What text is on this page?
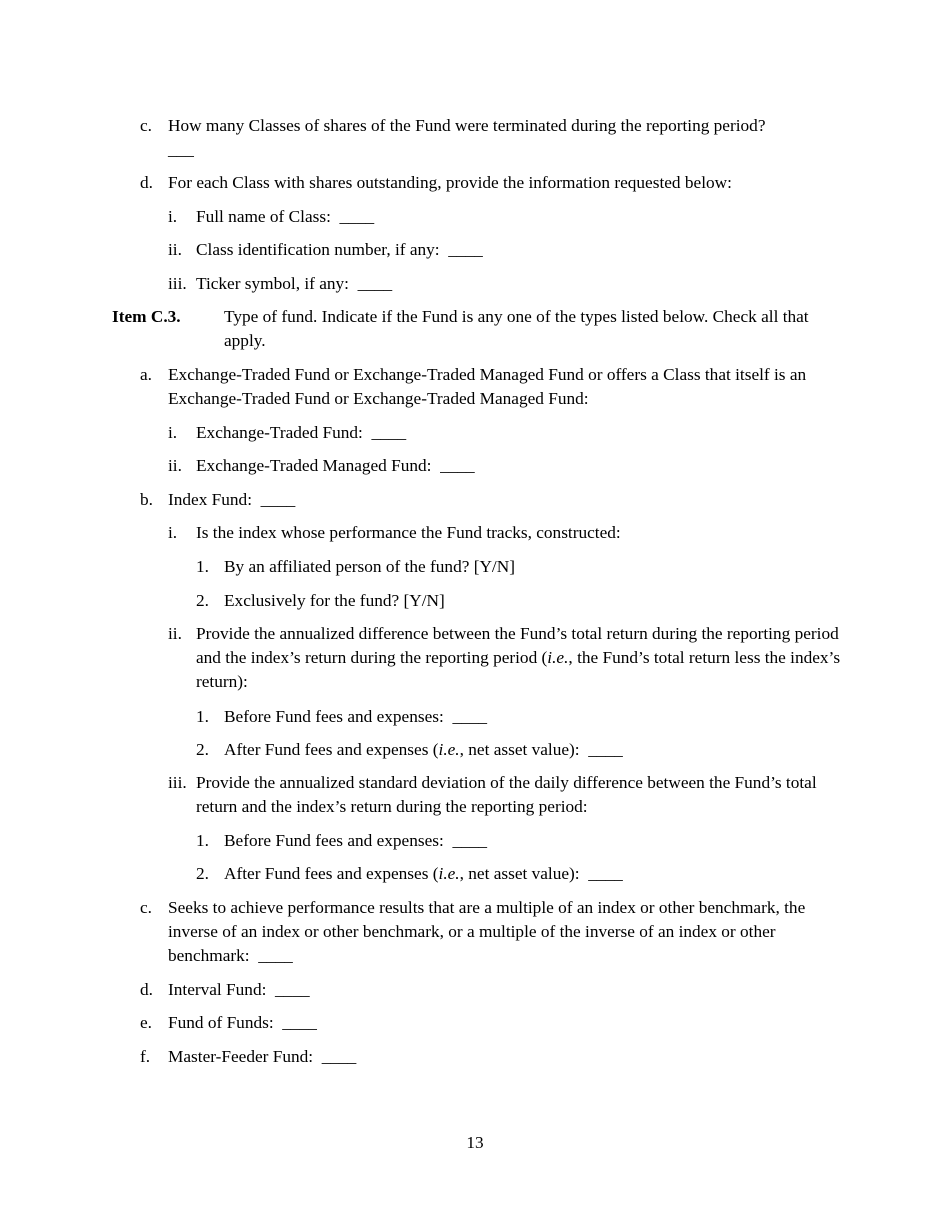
c. How many Classes of shares of the Fund were terminated during the reporting period?
___
d. For each Class with shares outstanding, provide the information requested below:
i. Full name of Class: ____
ii. Class identification number, if any: ____
iii. Ticker symbol, if any: ____
Item C.3.	Type of fund. Indicate if the Fund is any one of the types listed below. Check all that apply.
a. Exchange-Traded Fund or Exchange-Traded Managed Fund or offers a Class that itself is an Exchange-Traded Fund or Exchange-Traded Managed Fund:
i. Exchange-Traded Fund: ____
ii. Exchange-Traded Managed Fund: ____
b. Index Fund: ____
i. Is the index whose performance the Fund tracks, constructed:
1. By an affiliated person of the fund? [Y/N]
2. Exclusively for the fund? [Y/N]
ii. Provide the annualized difference between the Fund’s total return during the reporting period and the index’s return during the reporting period (i.e., the Fund’s total return less the index’s return):
1. Before Fund fees and expenses: ____
2. After Fund fees and expenses (i.e., net asset value): ____
iii. Provide the annualized standard deviation of the daily difference between the Fund’s total return and the index’s return during the reporting period:
1. Before Fund fees and expenses: ____
2. After Fund fees and expenses (i.e., net asset value): ____
c. Seeks to achieve performance results that are a multiple of an index or other benchmark, the inverse of an index or other benchmark, or a multiple of the inverse of an index or other benchmark: ____
d. Interval Fund: ____
e. Fund of Funds: ____
f. Master-Feeder Fund: ____
13
